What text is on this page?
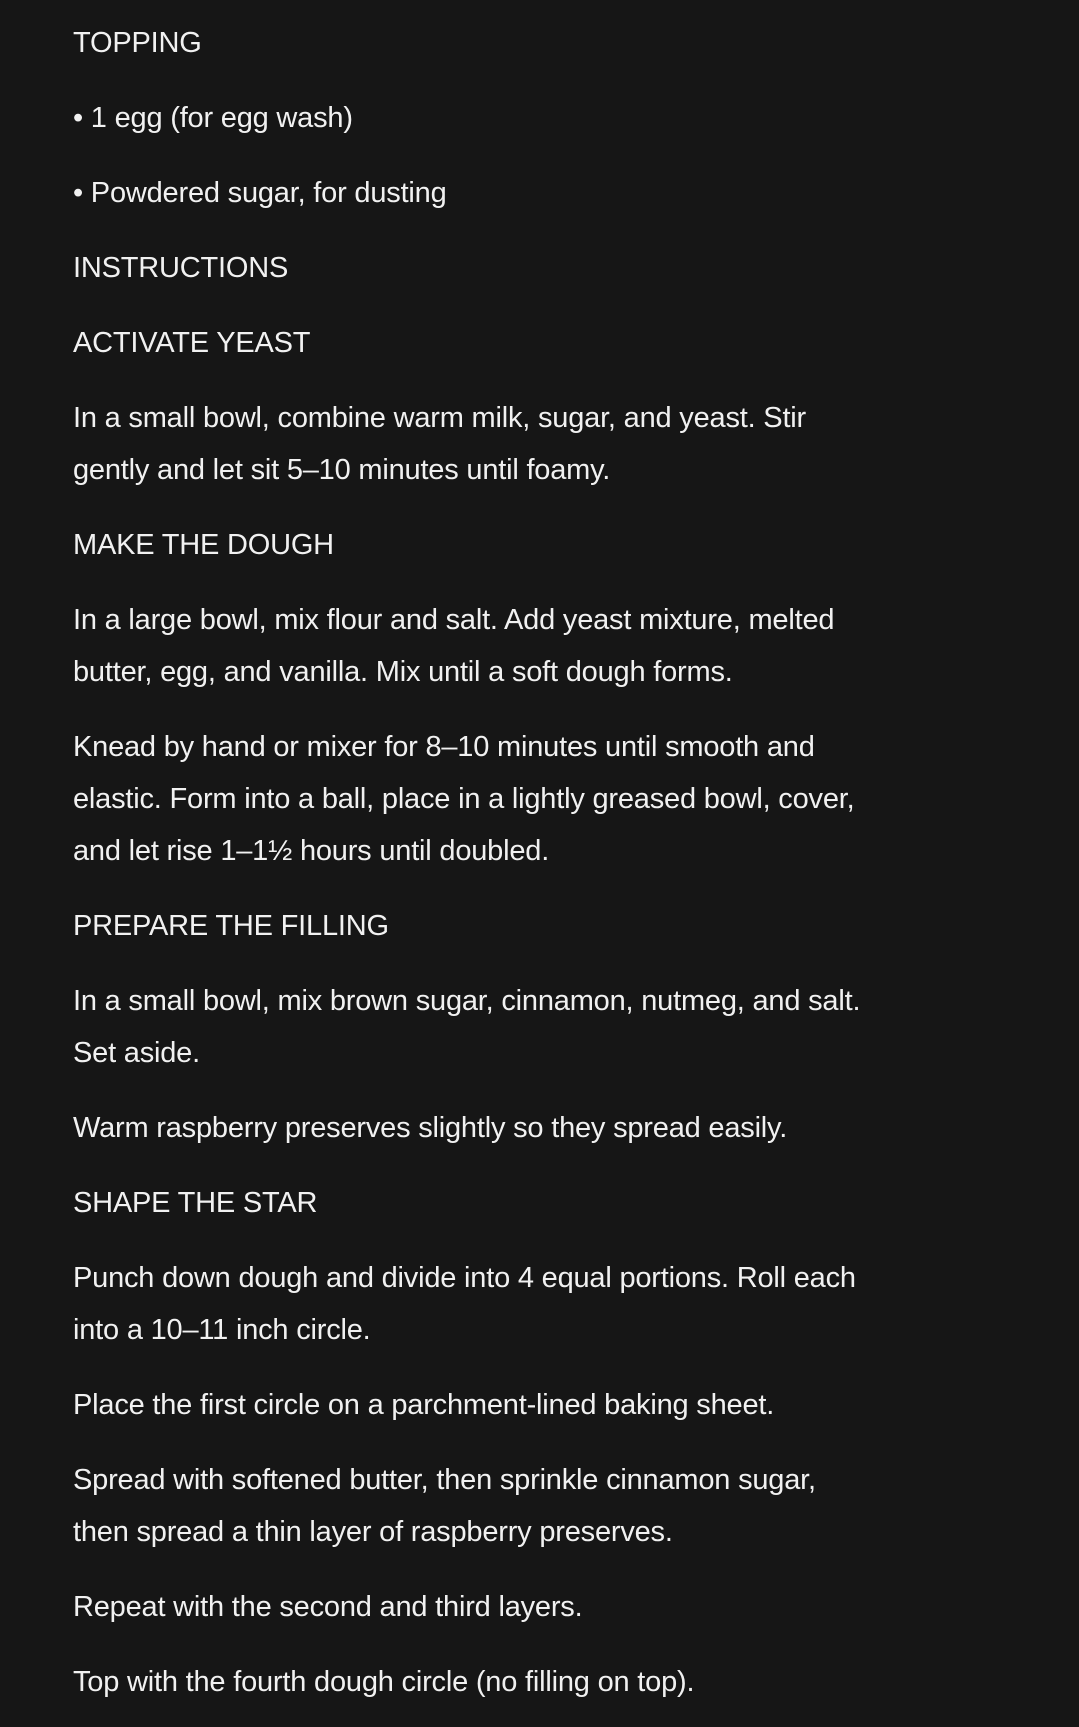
TOPPING
• 1 egg (for egg wash)
• Powdered sugar, for dusting
INSTRUCTIONS
ACTIVATE YEAST
In a small bowl, combine warm milk, sugar, and yeast. Stir
gently and let sit 5–10 minutes until foamy.
MAKE THE DOUGH
In a large bowl, mix flour and salt. Add yeast mixture, melted
butter, egg, and vanilla. Mix until a soft dough forms.
Knead by hand or mixer for 8–10 minutes until smooth and
elastic. Form into a ball, place in a lightly greased bowl, cover,
and let rise 1–1½ hours until doubled.
PREPARE THE FILLING
In a small bowl, mix brown sugar, cinnamon, nutmeg, and salt.
Set aside.
Warm raspberry preserves slightly so they spread easily.
SHAPE THE STAR
Punch down dough and divide into 4 equal portions. Roll each
into a 10–11 inch circle.
Place the first circle on a parchment-lined baking sheet.
Spread with softened butter, then sprinkle cinnamon sugar,
then spread a thin layer of raspberry preserves.
Repeat with the second and third layers.
Top with the fourth dough circle (no filling on top).
